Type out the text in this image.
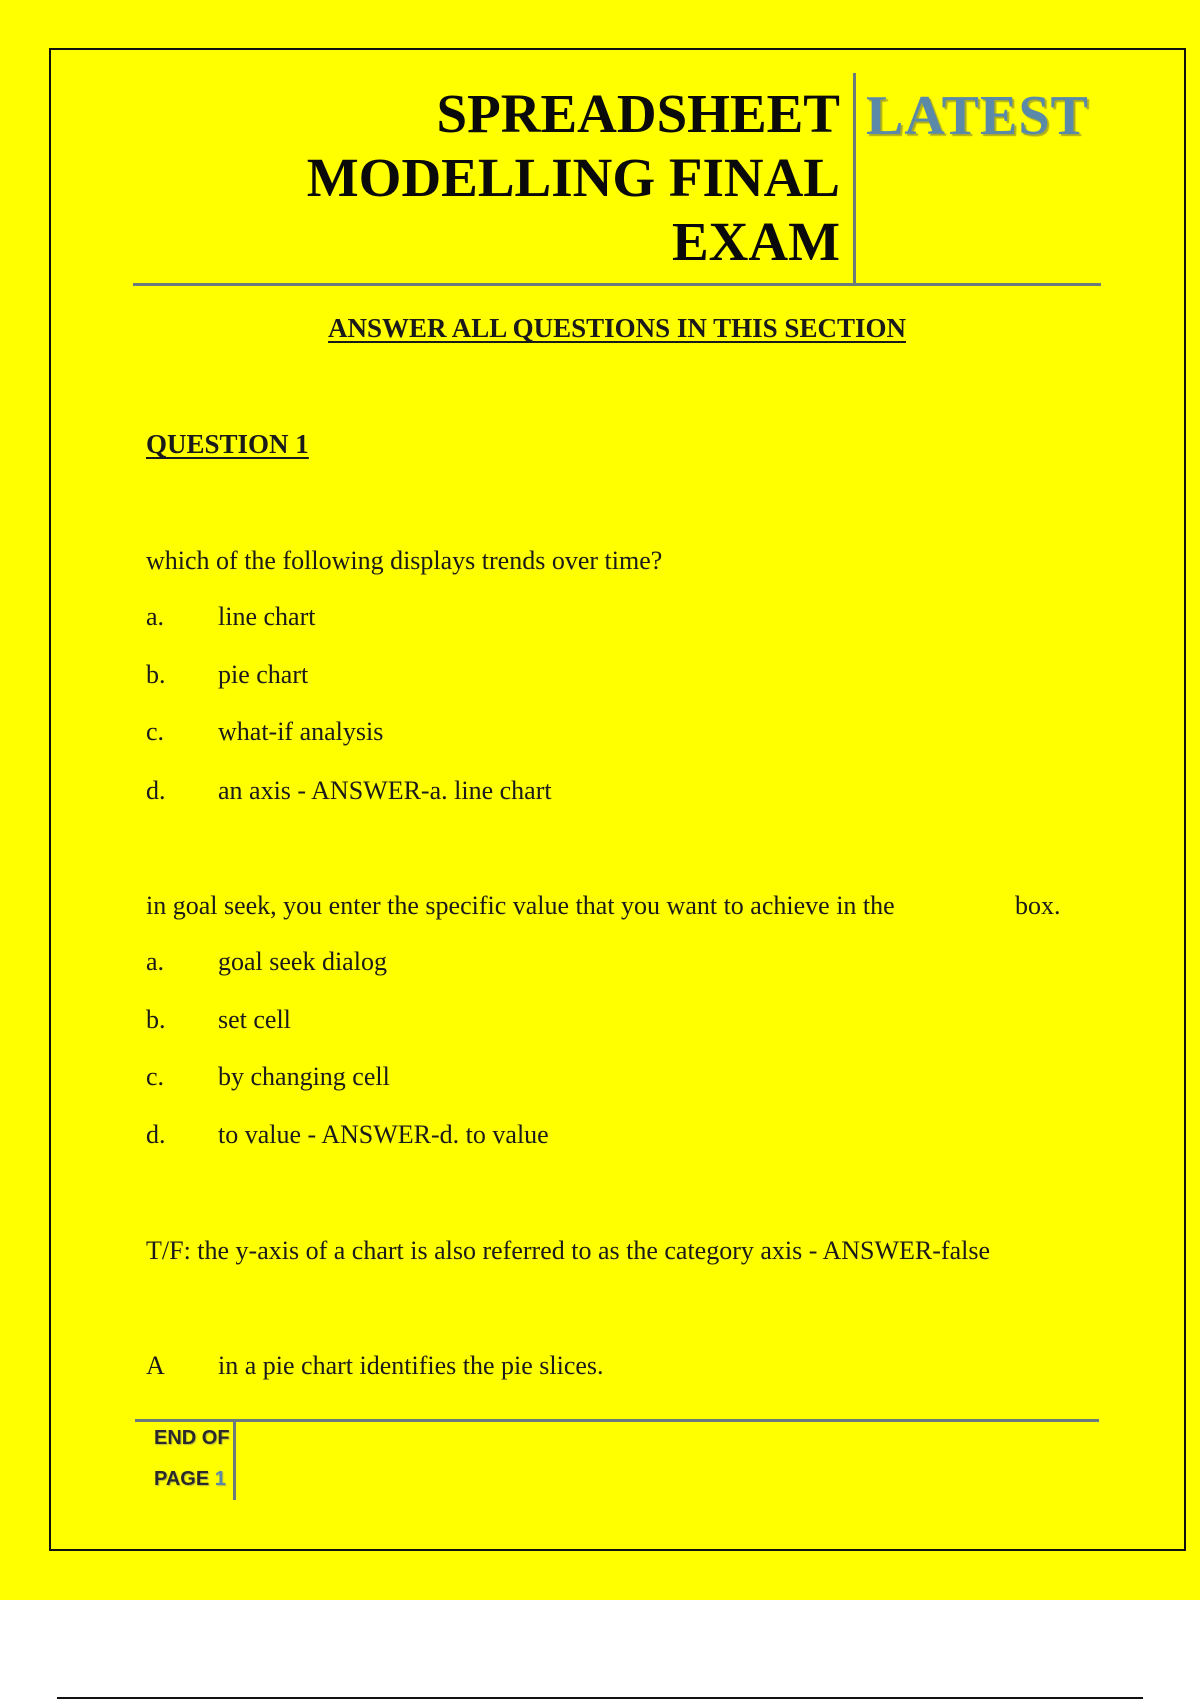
SPREADSHEET
MODELLING FINAL
EXAM
LATEST
ANSWER ALL QUESTIONS IN THIS SECTION
QUESTION 1
which of the following displays trends over time?
a. line chart
b. pie chart
c. what-if analysis
d. an axis - ANSWER-a. line chart
in goal seek, you enter the specific value that you want to achieve in the	box.
a. goal seek dialog
b. set cell
c. by changing cell
d. to value - ANSWER-d. to value
T/F: the y-axis of a chart is also referred to as the category axis - ANSWER-false
A in a pie chart identifies the pie slices.
END OF
PAGE 1
